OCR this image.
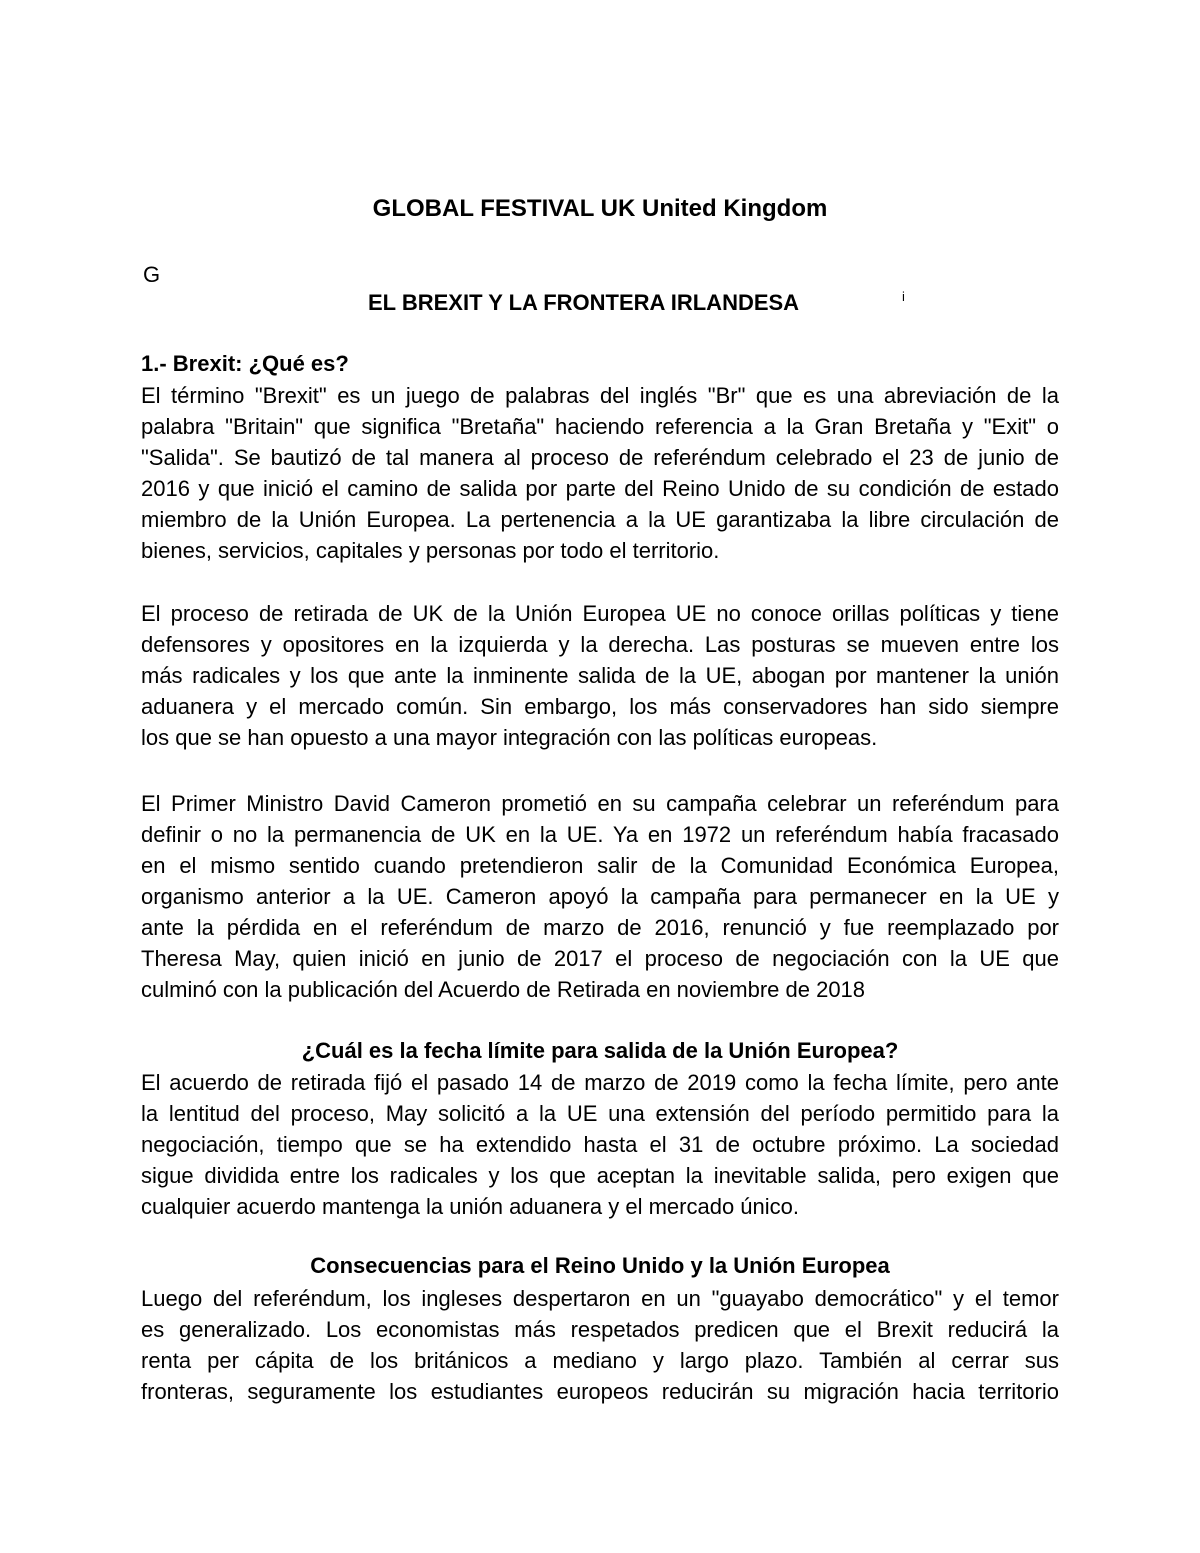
GLOBAL FESTIVAL UK United Kingdom
G
EL BREXIT Y LA FRONTERA IRLANDESA	i
1.- Brexit: ¿Qué es?

El término "Brexit" es un juego de palabras del inglés "Br" que es una abreviación de la
palabra "Britain" que significa "Bretaña" haciendo referencia a la Gran Bretaña y "Exit" o
"Salida". Se bautizó de tal manera al proceso de referéndum celebrado el 23 de junio de
2016 y que inició el camino de salida por parte del Reino Unido de su condición de estado
miembro de la Unión Europea. La pertenencia a la UE garantizaba la libre circulación de
bienes, servicios, capitales y personas por todo el territorio.

El proceso de retirada de UK de la Unión Europea UE no conoce orillas políticas y tiene
defensores y opositores en la izquierda y la derecha. Las posturas se mueven entre los
más radicales y los que ante la inminente salida de la UE, abogan por mantener la unión
aduanera y el mercado común. Sin embargo, los más conservadores han sido siempre
los que se han opuesto a una mayor integración con las políticas europeas.

El Primer Ministro David Cameron prometió en su campaña celebrar un referéndum para
definir o no la permanencia de UK en la UE. Ya en 1972 un referéndum había fracasado
en el mismo sentido cuando pretendieron salir de la Comunidad Económica Europea,
organismo anterior a la UE. Cameron apoyó la campaña para permanecer en la UE y
ante la pérdida en el referéndum de marzo de 2016, renunció y fue reemplazado por
Theresa May, quien inició en junio de 2017 el proceso de negociación con la UE que
culminó con la publicación del Acuerdo de Retirada en noviembre de 2018

¿Cuál es la fecha límite para salida de la Unión Europea?

El acuerdo de retirada fijó el pasado 14 de marzo de 2019 como la fecha límite, pero ante
la lentitud del proceso, May solicitó a la UE una extensión del período permitido para la
negociación, tiempo que se ha extendido hasta el 31 de octubre próximo. La sociedad
sigue dividida entre los radicales y los que aceptan la inevitable salida, pero exigen que
cualquier acuerdo mantenga la unión aduanera y el mercado único.

Consecuencias para el Reino Unido y la Unión Europea

Luego del referéndum, los ingleses despertaron en un "guayabo democrático" y el temor
es generalizado. Los economistas más respetados predicen que el Brexit reducirá la
renta per cápita de los británicos a mediano y largo plazo. También al cerrar sus
fronteras, seguramente los estudiantes europeos reducirán su migración hacia territorio
